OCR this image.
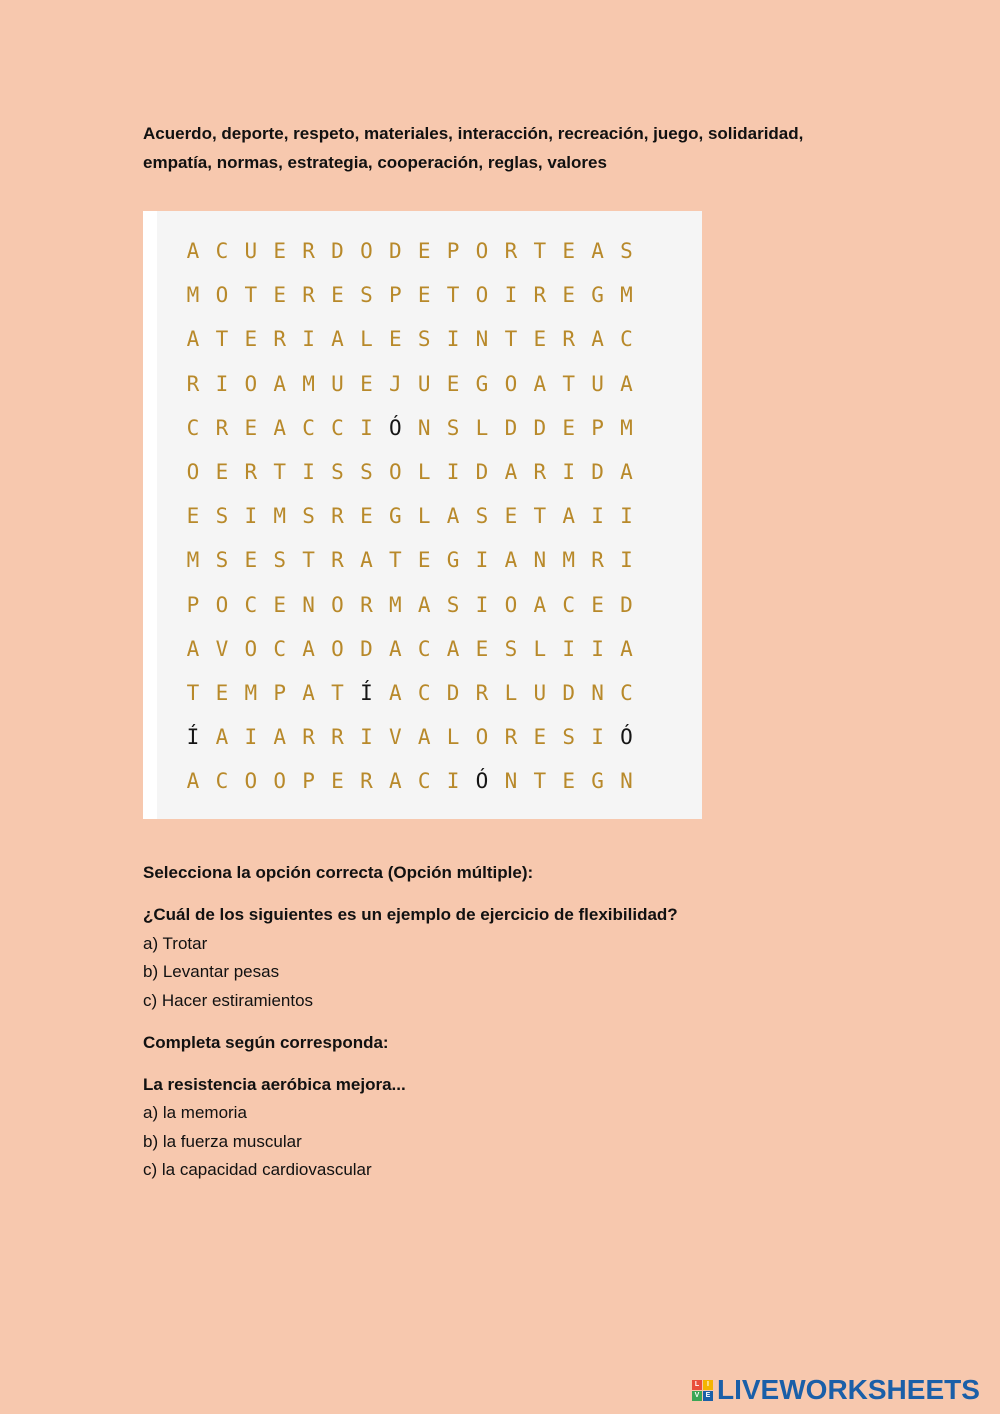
Acuerdo, deporte, respeto, materiales, interacción, recreación, juego, solidaridad, empatía, normas, estrategia, cooperación, reglas, valores
A C U E R D O D E P O R T E A S
M O T E R E S P E T O I R E G M
A T E R I A L E S I N T E R A C
R I O A M U E J U E G O A T U A
C R E A C C I Ó N S L D D E P M
O E R T I S S O L I D A R I D A
E S I M S R E G L A S E T A I I
M S E S T R A T E G I A N M R I
P O C E N O R M A S I O A C E D
A V O C A O D A C A E S L I I A
T E M P A T Í A C D R L U D N C
Í A I A R R I V A L O R E S I Ó
A C O O P E R A C I Ó N T E G N
Selecciona la opción correcta (Opción múltiple):
¿Cuál de los siguientes es un ejemplo de ejercicio de flexibilidad?
a) Trotar
b) Levantar pesas
c) Hacer estiramientos
Completa según corresponda:
La resistencia aeróbica mejora...
a) la memoria
b) la fuerza muscular
c) la capacidad cardiovascular
L	I
V E LIVEWORKSHEETS
